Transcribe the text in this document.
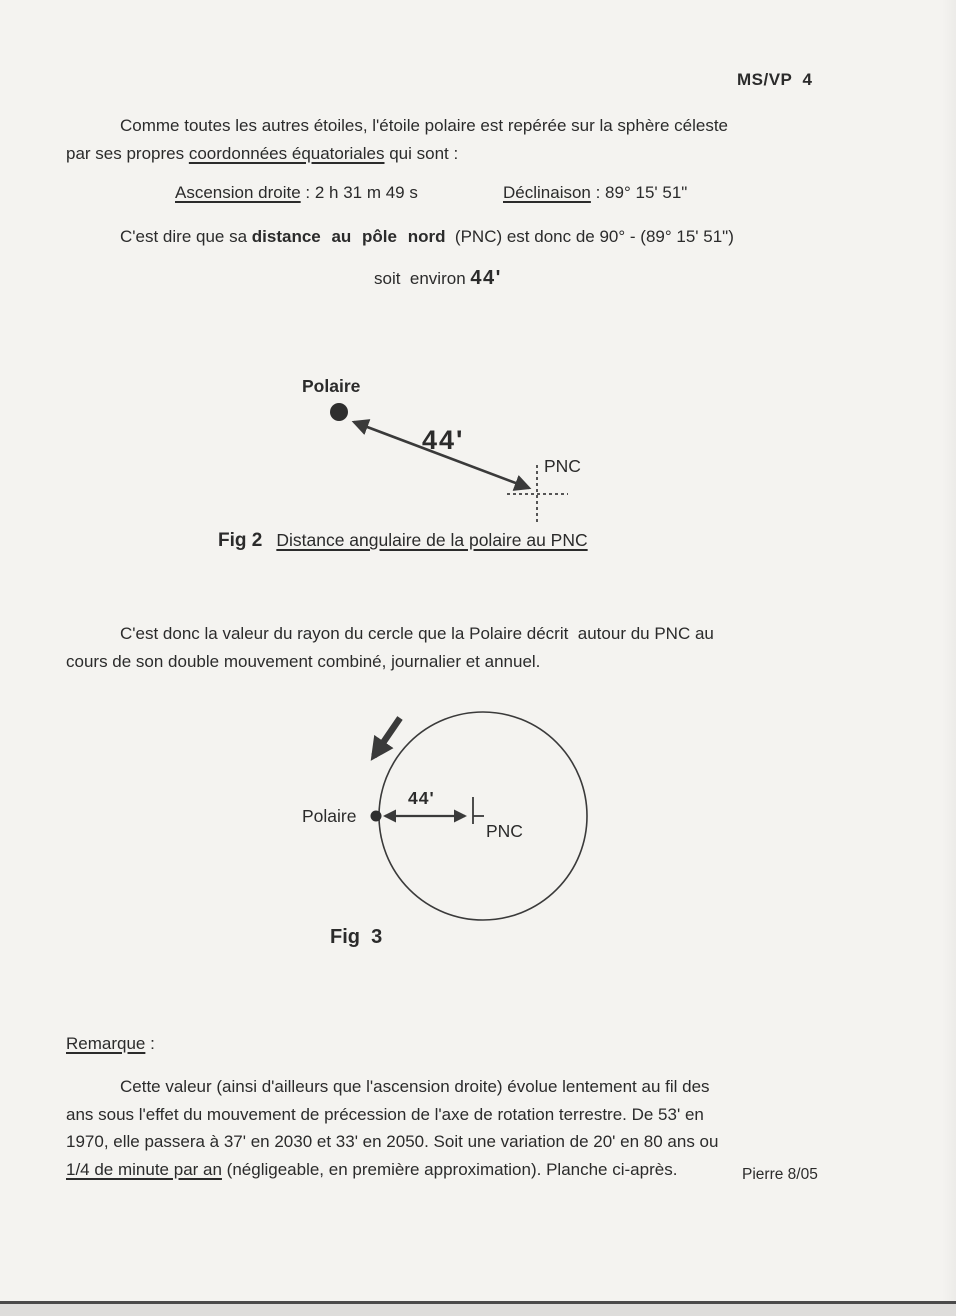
MS/VP  4
Comme toutes les autres étoiles, l'étoile polaire est repérée sur la sphère céleste
par ses propres coordonnées équatoriales qui sont :
Ascension droite : 2 h 31 m 49 s	Déclinaison : 89° 15' 51"
C'est dire que sa distance au pôle nord  (PNC) est donc de 90° - (89° 15' 51")
soit  environ 44'
Polaire
44'
PNC
Fig 2 Distance angulaire de la polaire au PNC
C'est donc la valeur du rayon du cercle que la Polaire décrit  autour du PNC au
cours de son double mouvement combiné, journalier et annuel.
Polaire
44'
PNC
Fig  3
Remarque :
Cette valeur (ainsi d'ailleurs que l'ascension droite) évolue lentement au fil des
ans sous l'effet du mouvement de précession de l'axe de rotation terrestre. De 53' en
1970, elle passera à 37' en 2030 et 33' en 2050. Soit une variation de 20' en 80 ans ou
1/4 de minute par an (négligeable, en première approximation). Planche ci-après.	Pierre 8/05
